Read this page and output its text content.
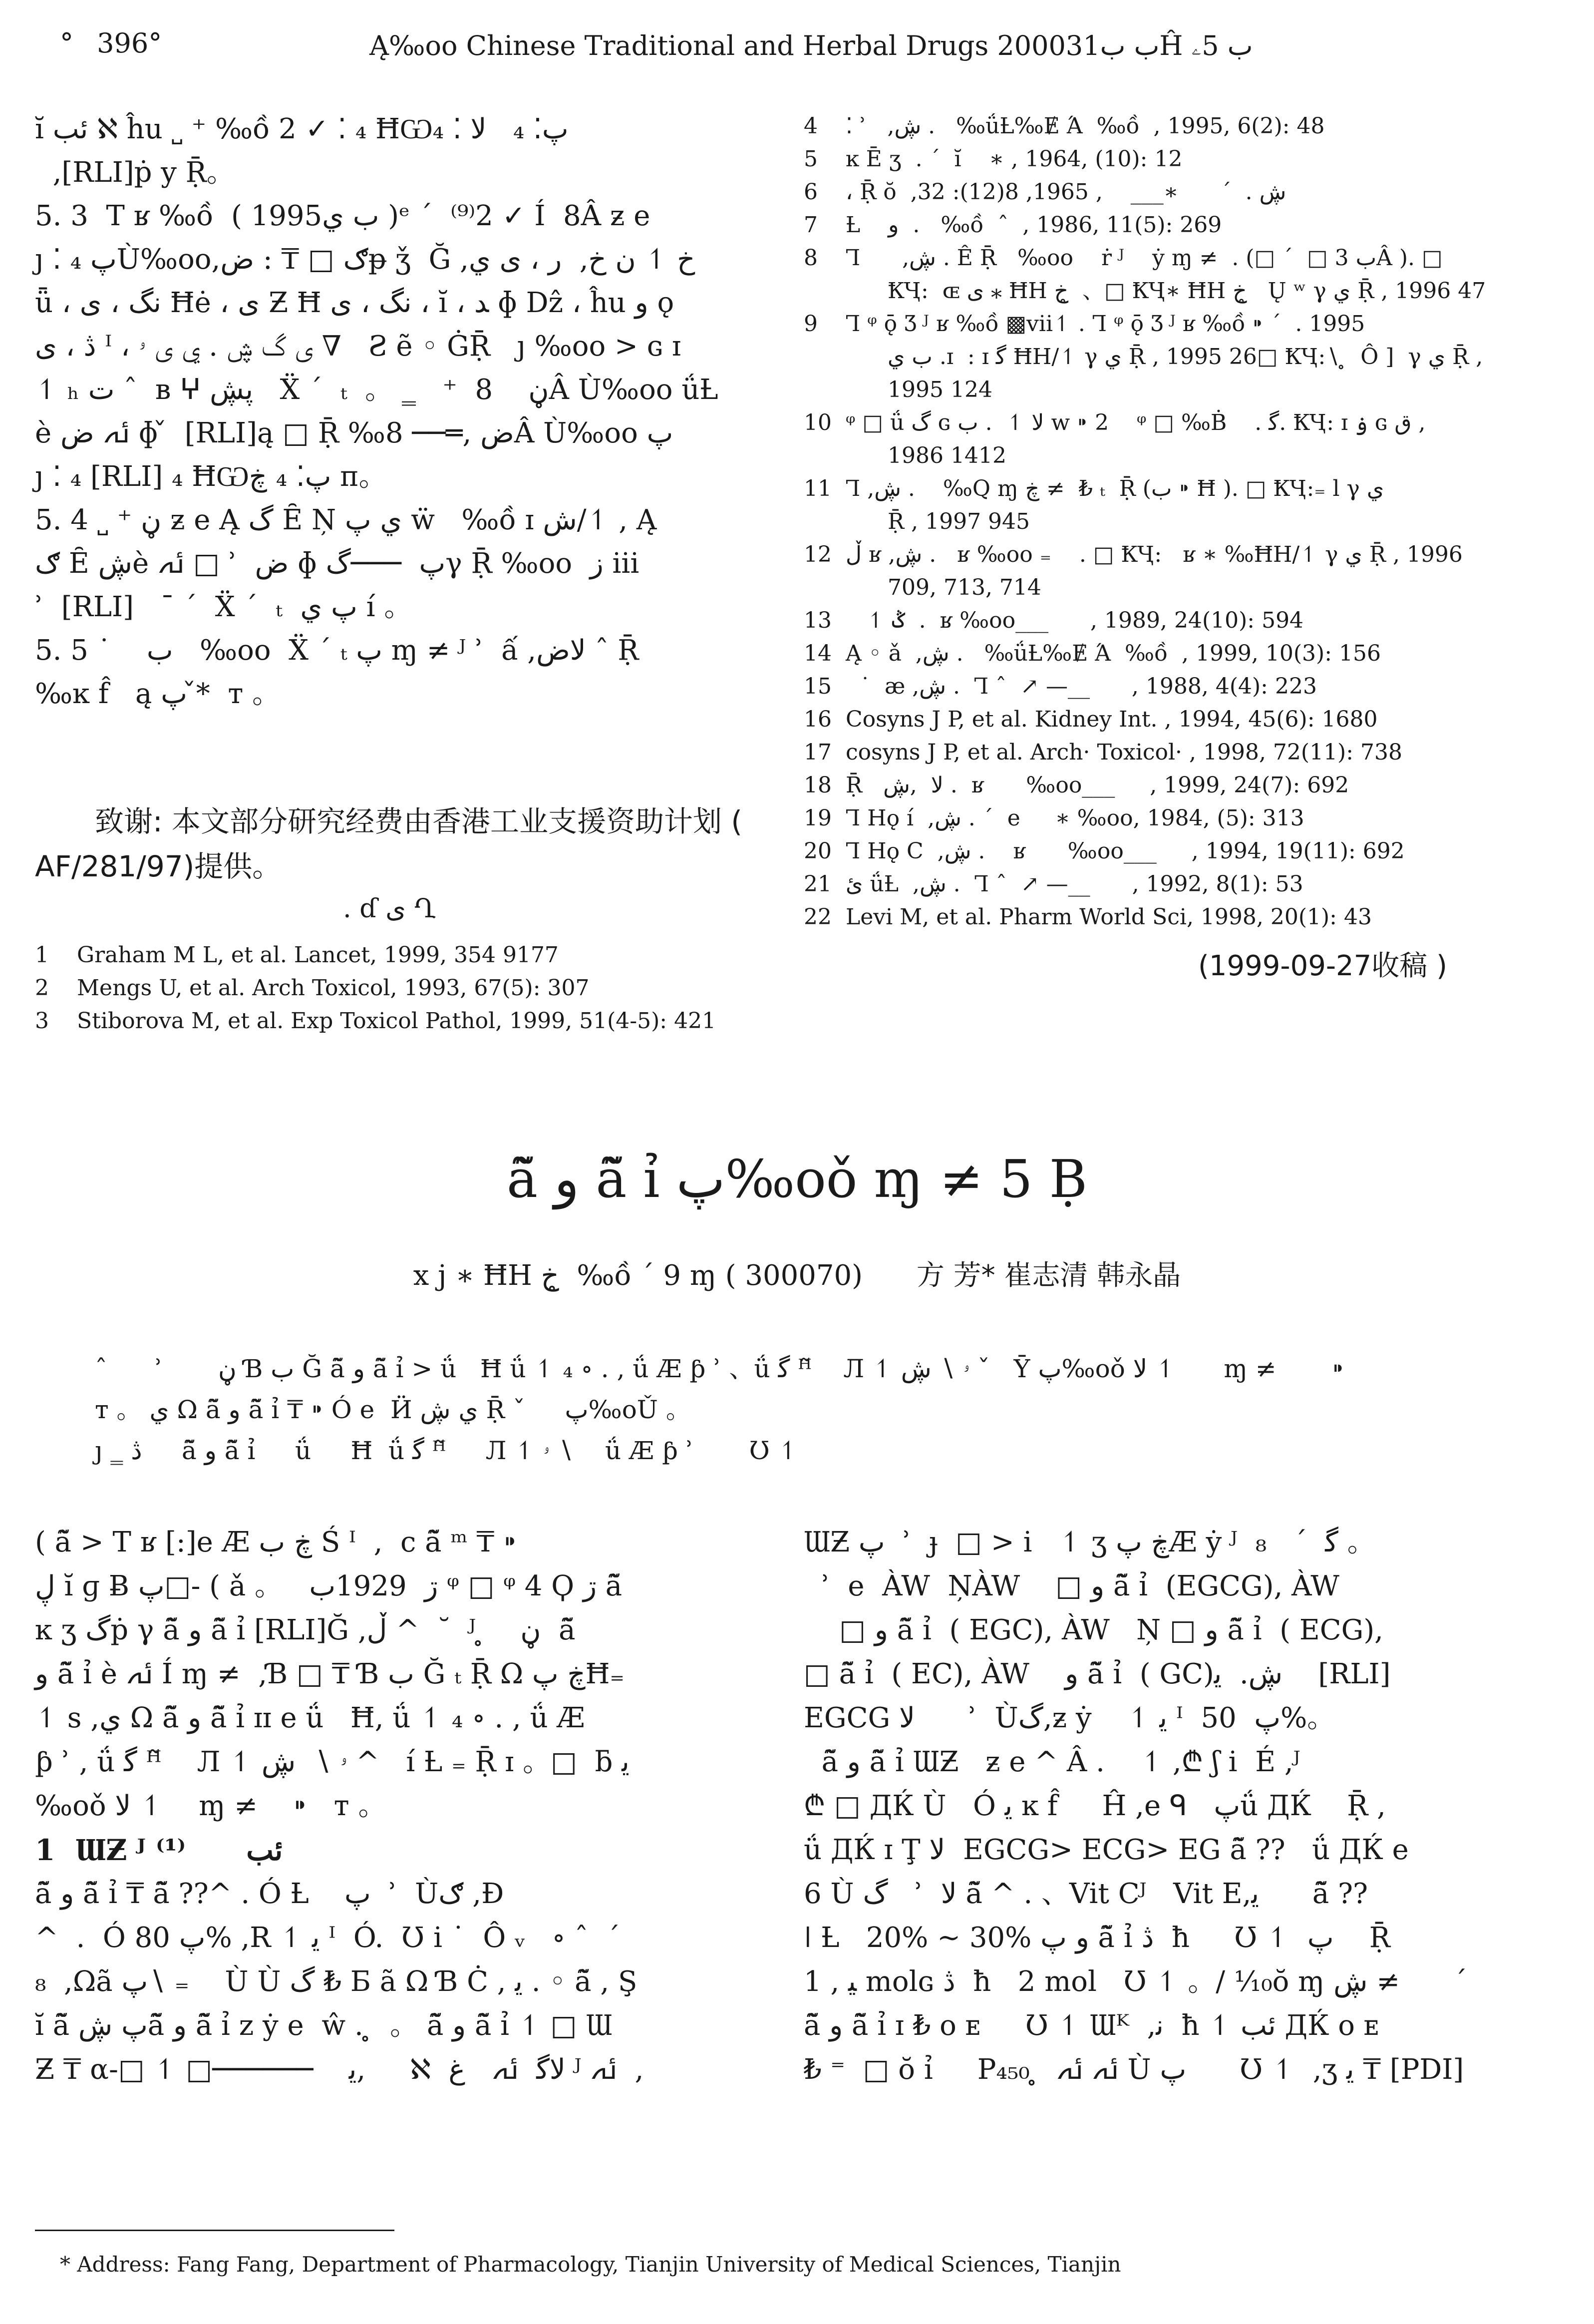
° 396°	Ą‰oo Chinese Traditional and Herbal Drugs 2000ب ب31Ĥ ب 5ۦ
ĭ ئب ℵ ĥu ˽ ⁺ ‰ồ 2 ✓ ⁚ ₄ ĦѠپ⁚ ₄   لا ⁚ ₄
,[RLI]ṗ y Ṝ。
5. 3  T ʁ ‰ồ  ( 1995ب ي )ᵉ ˊ  ⁽⁹⁾2 ✓ Í  8Â ƶ e
ȷ ⁚ ₄ پÙ‰oo,ګ □ ₸ : ضᵽ ǯ  Ğ ,ﺥ ↿ ن ﺥ,  ﺭ ، ى ي
ǖ ، ﻧﮓ ، ى Ħė ، ى Ƶ Ħ ﻧﮓ ، ى ، ĭ ، ﺪ ɸ Dẑ ، ĥu ﻭ ǫ
ڎ ، ى ᴵ ، ى گ ڜ . ي ى ۥ ∇   Ƨ ẽ ◦ ĠṜ   ȷ ‰oo > ɢ ɪ
↿ ₕ ﺕ ˆ  ʙ ⵖ پڜ   Ẍ ˊ  ₜ  。 ‗   ⁺  ڼ    8Â Ù‰oo ǘȽ
è ﯬ ﺽ ɸ ̌  [RLI]ą □ Ṝ ‰ﺽ ,═── 8Â Ù‰oo پ
ȷ ⁚ ₄ [RLI] ₄ ĦѠپ⁚ ₄ ڿ п。
5. 4 ˽ ⁺ ڼ ƶ e Ą گ Ȇ Ņ ي پ ẅ   ‰ồ ɪ ﺵ/↿ , Ą
ګ Ȇ ڜè ﯬ □ ʾ  ﺽ ɸ پ  ───گγ Ṝ ‰oo  ﺯ iii
ʾ  [RLI]   ˉ ˊ  Ẍ ˊ  ₜ  پ ي í 。
5. 5 ˙    ب   ‰oo  Ẍ ˊ ₜ پ ɱ ≠ ᴶ ʾ  ấ ,ﻻﺽ ˆ Ṝ
‰ĸ f̂   ą پ *̌  т 。
致谢: 本文部分研究经费由香港工业支援资助计划 ( AF/281/97)提供。
. ɗ ى Ղ
1	Graham M L, et al. Lancet, 1999, 354 9177
2	Mengs U, et al. Arch Toxicol, 1993, 67(5): 307
3	Stiborova M, et al. Exp Toxicol Pathol, 1999, 51(4-5): 421
4	⁚ ʾ   ,ڜ .   ‰ǘȽ‰Ɇ Ά  ‰ồ  , 1995, 6(2): 48
5	ĸ Ē ʒ  . ˊ  ĭ    ∗ , 1964, (10): 12
6	، Ṝ ŏ  ,ڜ .  ˊ      ∗___    , 1965, 8(12): 32
7	Ƚ    ﻭ  .   ‰ồ  ˆ  , 1986, 11(5): 269
8	Ꞁ      ,ڜ . Ê Ṝ   ‰oo    ṙ ᴶ    ẏ ɱ ≠  . (□ ˊ  □ ب 3Â ). □
ҞҶ:  ɶ ی ⁎ ĦH ﺥ ̥ 、□ ҞҶ∗ ĦH ﺥ ̥  Ų ʷ γ ي Ṝ , 1996 47
9	Ꞁ ᵠ ǭ Ʒ ᴶ ʁ ‰ồ ▩vii↿ . Ꞁ ᵠ ǭ Ʒ ᴶ ʁ ‰ồ ⁍ ˊ  . 1995
ب ي .ɪ  : ɪ ﮔ ĦH/↿ γ ي Ṝ , 1995 26□ ҞҶ:∖ ̥  Ô ]  γ ي Ṝ ,
1995 124
10 ᵠ □ ǘ گ ɢ ﻻ ↿  . ب w ⁍ 2    ᵠ □ ‰Ḃ    . ﮔ. ҞҶ: ɪ ۏ ɢ ﻕ ,
1986 1412
11 Ꞁ ,ڜ .    ‰Q ɱ ڿ ≠  ₺ ₜ  Ṝ (ب ⁍ Ħ ). □ ҞҶ:₌ l γ ي
Ṝ , 1997 945
12 ڵ ʁ ,ڜ .   ʁ ‰oo ₌    . □ ҞҶ:   ʁ ∗ ‰ĦH/↿ γ ي Ṝ , 1996
709, 713, 714
13 ↿ ݣ  .  ʁ ‰oo___      , 1989, 24(10): 594
14 Ą ◦ ǎ  ,ڜ .   ‰ǘȽ‰Ɇ Ά  ‰ồ  , 1999, 10(3): 156
15 ˙  æ ,ڜ .  Ꞁ ˆ  ↗ —__      , 1988, 4(4): 223
16 Cosyns J P, et al. Kidney Int. , 1994, 45(6): 1680
17 cosyns J P, et al. Arch· Toxicol· , 1998, 72(11): 738
18 Ṝ   ﻻ  ,ڜ .  ʁ      ‰oo___     , 1999, 24(7): 692
19 Ꞁ Hǫ í  ,ڜ . ˊ  e     ∗ ‰oo, 1984, (5): 313
20 Ꞁ Hǫ C  ,ڜ .    ʁ      ‰oo___     , 1994, 19(11): 692
21 ئ ǘȽ  ,ڜ .  Ꞁ ˆ  ↗ —__      , 1992, 8(1): 53
22 Levi M, et al. Pharm World Sci, 1998, 20(1): 43
(1999-09-27收稿 )
ã̃ ﻭ ã̃ ỉ پ‰oǒ ɱ ≠ 5 Ḅ
x j ∗ ĦH ﺥ ̥ ‰ồ ˊ 9 ɱ ( 300070) 方 芳* 崔志清 韩永晶
ˆ      ʾ       ڼ Ɓ ب Ğ ã̃ ﻭ ã̃ ỉ > ǘ   Ħ ǘ ↿ ₄ ∘ . , ǘ Æ ƥ ʾ 、ǘ ﮔ ᵸ̃    Л ↿ ۥ ∖ ڜ ˇ   Ῡ پ‰oǒ ﻻ ↿      ɱ ≠       ⁍
т 。 ي Ω ã̃ ﻭ ã̃ ỉ ₸ ⁍ Ó e  Ӥ ي ڜ Ṝ ˇ     پ‰oǓ 。
ȷ ‗ ڎ     ã̃ ﻭ ã̃ ỉ     ǘ     Ħ  ǘ ﮔ ᵸ̃     Л ↿ ۥ ∖    ǘ Æ ƥ ʾ       Ʊ ↿
( ã̃ > T ʁ [:]e Æ ڿ ب Ś ᴵ  ,  c ã̃ ᵐ ₸ ⁍
ڸ ĭ ɡ Ƀ پ□- ( ǎ 。   ڗ  1929ب ᵠ □ ᵠ 4 Ϙ ڗ ã̃
ĸ ʒ گṗ γ ã̃ ﻭ ã̃ ỉ [RLI]Ğ ,ڵ ^  ˘  ᴶ ̥    ڼ  ã̃
ﻭ ã̃ ỉ è ﯬ Í ɱ ≠  ,Ɓ □ ₸ Ɓ ب Ğ ₜ Ṝ Ω ڿ پĦ₌
↿ s ,ي Ω ã̃ ﻭ ã̃ ỉ ɪɪ e ǘ   Ħ, ǘ ↿ ₄ ∘ . , ǘ Æ
ƥ ʾ , ǘ ﮔ ᵸ̃    Л ↿ ۥ ∖  ڜ ^   í Ƚ ₌ Ṝ ɪ 。□  ƃ ﯾ
‰oǒ ﻻ ↿    ɱ ≠    ⁍   т 。
1  ƜƵ ᴶ ئب      ⁽¹⁾
ã̃ ﻭ ã̃ ỉ ₸ ã̃ ??^ . Ó Ƚ    پ  ʾ  Ùګ ,Ð
^  .  Ó پ 80% ,R ↿ ﯾ ᴵ  Ó.  Ʊ i ˙  Ô ᵥ   ∘ ˆ  ˊ
₈  ,Ωã پ∖ ₌    Ù Ù گ ₺ Ƃ ã Ω Ɓ Ċ , ﯾ . ◦ ã̃ , Ş
ĭ ã̃ پ ڜã̃ ﻭ ã̃ ỉ z ẏ e  ŵ . ̥  。 ã̃ ﻭ ã̃ ỉ ↿ □ Ɯ
Ƶ ₸ α-□ ↿ □──────    ﯾ,     ℵ  ﻻﮔ  ﯬ   ﻍ ᴶ ﯬ  ,
ƜƵ پ  ʾ  ɟ  □ > i   ↿ ʒ ڿ پÆ ẏ ᴶ  ﮔ  ˊ   ₈ 。
ʾ  e  ÀW  ŅÀW    □ ﻭ ã̃ ỉ  (EGCG), ÀW
□ ﻭ ã̃ ỉ  ( EGC), ÀW   Ņ □ ﻭ ã̃ ỉ  ( ECG),
□ ã̃ ỉ  ( EC), ÀW    ﻭ ã̃ ỉ  ( GC)ڜ.  ﯾ    [RLI]
EGCG ﻻ      ʾ  Ùگ,ƶ ẏ    ↿ ﯾ ᴵ  پ  50%。
ã̃ ﻭ ã̃ ỉ ƜƵ   ƶ e ^ Â .    ↿ ,₾ ʃ i  É ,ᴶ
₾ □ ДЌ Ù   Ó ﯾ ĸ f̂     Ĥ ,e ᑫ   پǘ ДЌ    Ṝ ,
ǘ ДЌ ɪ Ţ ﻻ  EGCG> ECG> EG ã̃ ??   ǘ ДЌ e
6 Ù گ   ʾ  ﻻ ã̃ ^ . 、Vit Cᴶ   Vit E,ﯾ      ã̃ ??
ǀ Ƚ   20% ~ 30% ﻭ پ ã̃ ỉ ڎ  ħ     Ʊ ↿  پ    Ṝ
ﯿ , 1 molɢ ڎ  ħ   2 mol   Ʊ ↿ 。/ ¹⁄₁₀ŏ ɱ ڜ ≠      ˊ
ã̃ ﻭ ã̃ ỉ ɪ ₺ o ᴇ     Ʊ ↿ Ɯᴷ  ,ﻧ  ħ ↿ ئب ДЌ o ᴇ
₺ ⁼  □ ŏ ỉ     P₄₅₀ ̥  ﯬ ﯬ Ù پ      Ʊ ↿  ,ʒ ﯾ ₸ [PDI]
* Address: Fang Fang, Department of Pharmacology, Tianjin University of Medical Sciences, Tianjin
